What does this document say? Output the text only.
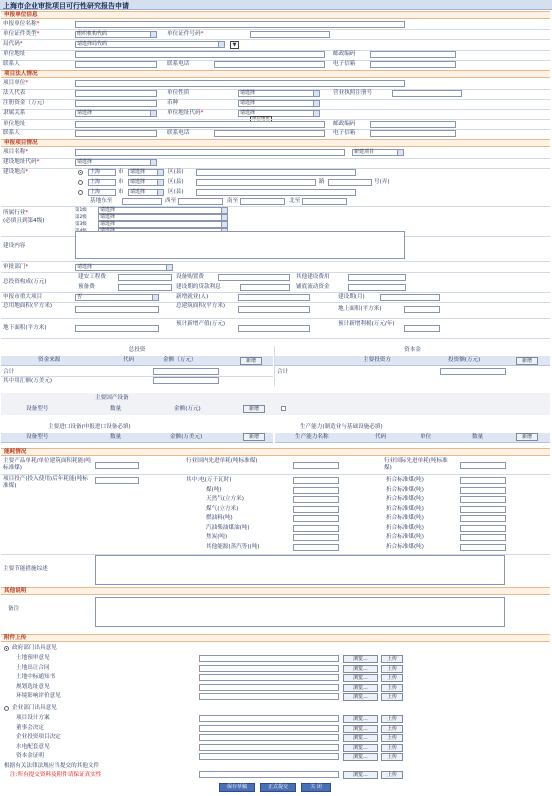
上海市企业审批项目可行性研究报告申请
申报单位信息
申报单位名称*
单位证件类型*	组织机构代码	单位证件号码*
局代码*	请选择局代码	▼
单位地址	邮政编码
联系人	联系电话	电子信箱
项目法人情况
项目单位*
法人代表	单位性质	请选择	营业执照注册号
注册资金（万元）	币种	请选择
隶属关系	请选择	单位地址代码*	请选择
单位地址	邮政编码
联系人	联系电话	电子信箱
申报项目情况
项目名称*	新建项目
建设地址代码*	请选择
建设地点*	上海	市	请选择	区(县)
上海	市	请选择	区(县)	路	号(弄)
上海	市	请选择	区(县)
基地东至	西至	南至	北至
所属行业*
(必填且到第4级)
第1级	请选择
第2级	请选择
第3级	请选择
建设内容
审批部门*	请选择
总投资构成(万元)
建安工程费	设备购置费	其他建设费用
预备费	建设期的贷款利息	铺底流动资金
申报市重大项目	否	新增就业(人)	建设期(月)
总用地面积(平方米)	总建筑面积(平方米)	地上面积(平方米)
地下面积(平方米)
预计新增产值(万元)	预计新增利税(万元/年)
总投资	资本金
资金来源	代码	金额（万元）	新增	主要投资方	投资额(万元)	新增
合计	合计
其中用汇额(万美元)
主要国产设备
设备型号	数量	金额(万元)	新增
主要进口设备(申报进口设备必填)	生产能力(制造业与基础设施必填)
设备型号	数量	金额(万美元)	新增	生产能力名称	代码	单位	数量	新增
能耗情况
主要产品单耗/单位建筑面积耗能(吨标准煤)
行业国内先进单耗(吨标准煤)	行业国际先进单耗(吨标准煤)
项目投产(投入使用)后年耗能(吨标准煤)
主要节能措施综述
其他说明
备注
附件上传
政府部门出具意见
企业部门出具意见
根据有关法律法规应当提交的其他文件
注:所有提交资料及附件请保证真实性	浏览...	上传
保存草稿	正式提交	关 闭
其中:电(万千瓦时)	折合标准煤(吨)
煤(吨)	折合标准煤(吨)
天然气(立方米)	折合标准煤(吨)
煤气(立方米)	折合标准煤(吨)
燃油料(吨)	折合标准煤(吨)
汽油柴油煤油(吨)	折合标准煤(吨)
焦炭(吨)	折合标准煤(吨)
其他能源(蒸汽等)(吨)	折合标准煤(吨)
土地预审意见	浏览...	上传
土地出让合同	浏览...	上传
土地中标通知书	浏览...	上传
规划选址意见	浏览...	上传
环境影响评价意见	浏览...	上传
项目设计方案	浏览...	上传
董事会决定	浏览...	上传
企业投资项目决定	浏览...	上传
水电配套意见	浏览...	上传
资本金证明	浏览...	上传
